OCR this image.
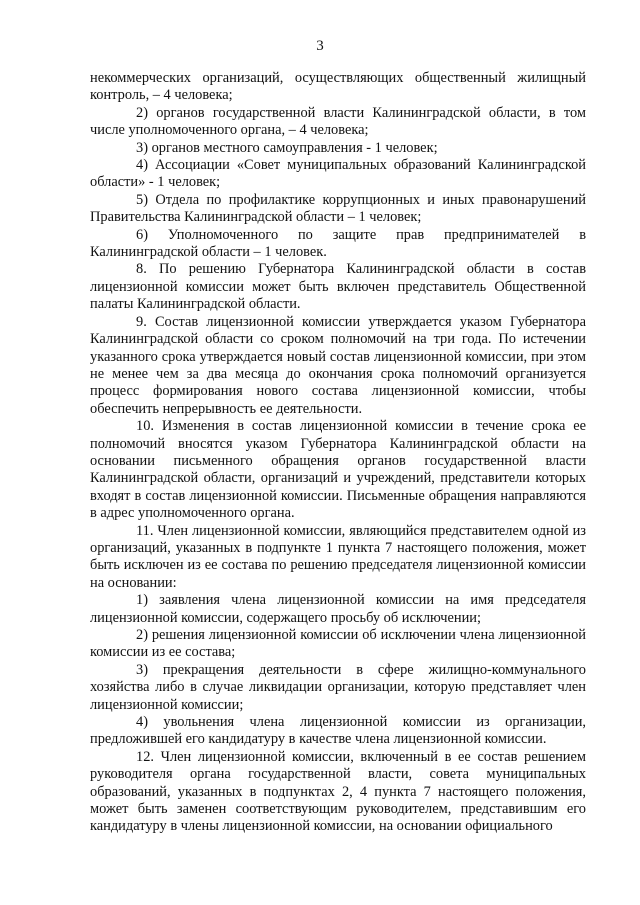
3

некоммерческих организаций, осуществляющих общественный жилищный контроль, – 4 человека;

2) органов государственной власти Калининградской области, в том числе уполномоченного органа, – 4 человека;

3) органов местного самоуправления - 1 человек;

4) Ассоциации «Совет муниципальных образований Калининградской области» - 1 человек;

5) Отдела по профилактике коррупционных и иных правонарушений Правительства Калининградской области – 1 человек;

6) Уполномоченного по защите прав предпринимателей в Калининградской области – 1 человек.

8. По решению Губернатора Калининградской области в состав лицензионной комиссии может быть включен представитель Общественной палаты Калининградской области.

9. Состав лицензионной комиссии утверждается указом Губернатора Калининградской области со сроком полномочий на три года. По истечении указанного срока утверждается новый состав лицензионной комиссии, при этом не менее чем за два месяца до окончания срока полномочий организуется процесс формирования нового состава лицензионной комиссии, чтобы обеспечить непрерывность ее деятельности.

10. Изменения в состав лицензионной комиссии в течение срока ее полномочий вносятся указом Губернатора Калининградской области на основании письменного обращения органов государственной власти Калининградской области, организаций и учреждений, представители которых входят в состав лицензионной комиссии. Письменные обращения направляются в адрес уполномоченного органа.

11. Член лицензионной комиссии, являющийся представителем одной из организаций, указанных в подпункте 1 пункта 7 настоящего положения, может быть исключен из ее состава по решению председателя лицензионной комиссии на основании:

1) заявления члена лицензионной комиссии на имя председателя лицензионной комиссии, содержащего просьбу об исключении;

2) решения лицензионной комиссии об исключении члена лицензионной комиссии из ее состава;

3) прекращения деятельности в сфере жилищно-коммунального хозяйства либо в случае ликвидации организации, которую представляет член лицензионной комиссии;

4) увольнения члена лицензионной комиссии из организации, предложившей его кандидатуру в качестве члена лицензионной комиссии.

12. Член лицензионной комиссии, включенный в ее состав решением руководителя органа государственной власти, совета муниципальных образований, указанных в подпунктах 2, 4 пункта 7 настоящего положения, может быть заменен соответствующим руководителем, представившим его кандидатуру в члены лицензионной комиссии, на основании официального
